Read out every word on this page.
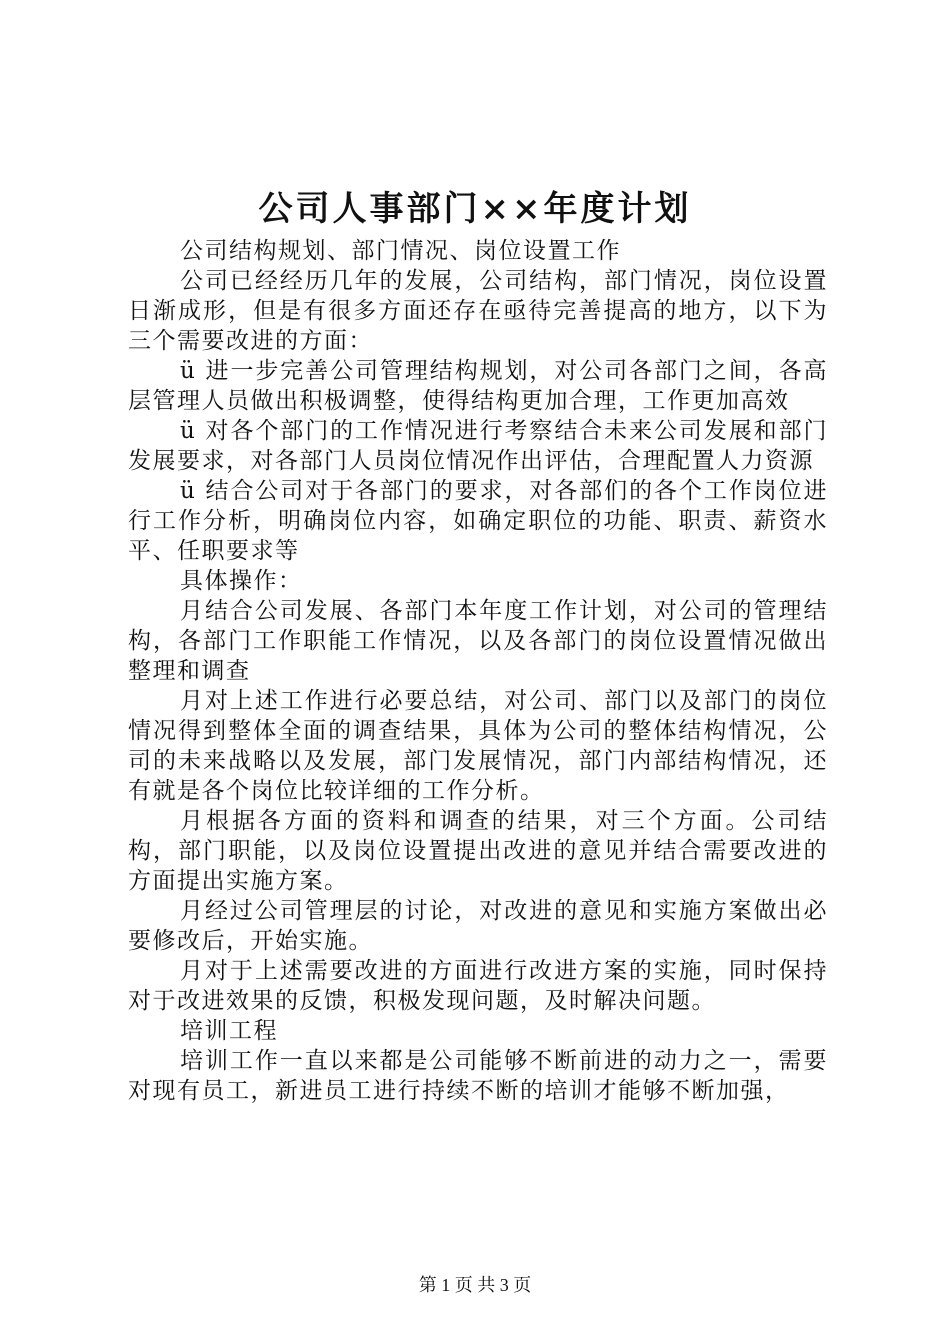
公司人事部门××年度计划

公司结构规划、部门情况、岗位设置工作

公司已经经历几年的发展，公司结构，部门情况，岗位设置日渐成形，但是有很多方面还存在亟待完善提高的地方，以下为三个需要改进的方面：

ü 进一步完善公司管理结构规划，对公司各部门之间，各高层管理人员做出积极调整，使得结构更加合理，工作更加高效

ü 对各个部门的工作情况进行考察结合未来公司发展和部门发展要求，对各部门人员岗位情况作出评估，合理配置人力资源

ü 结合公司对于各部门的要求，对各部们的各个工作岗位进行工作分析，明确岗位内容，如确定职位的功能、职责、薪资水平、任职要求等

具体操作：

月结合公司发展、各部门本年度工作计划，对公司的管理结构，各部门工作职能工作情况，以及各部门的岗位设置情况做出整理和调查

月对上述工作进行必要总结，对公司、部门以及部门的岗位情况得到整体全面的调查结果，具体为公司的整体结构情况，公司的未来战略以及发展，部门发展情况，部门内部结构情况，还有就是各个岗位比较详细的工作分析。

月根据各方面的资料和调查的结果，对三个方面。公司结构，部门职能，以及岗位设置提出改进的意见并结合需要改进的方面提出实施方案。

月经过公司管理层的讨论，对改进的意见和实施方案做出必要修改后，开始实施。

月对于上述需要改进的方面进行改进方案的实施，同时保持对于改进效果的反馈，积极发现问题，及时解决问题。

培训工程

培训工作一直以来都是公司能够不断前进的动力之一，需要对现有员工，新进员工进行持续不断的培训才能够不断加强，

第 1 页 共 3 页
